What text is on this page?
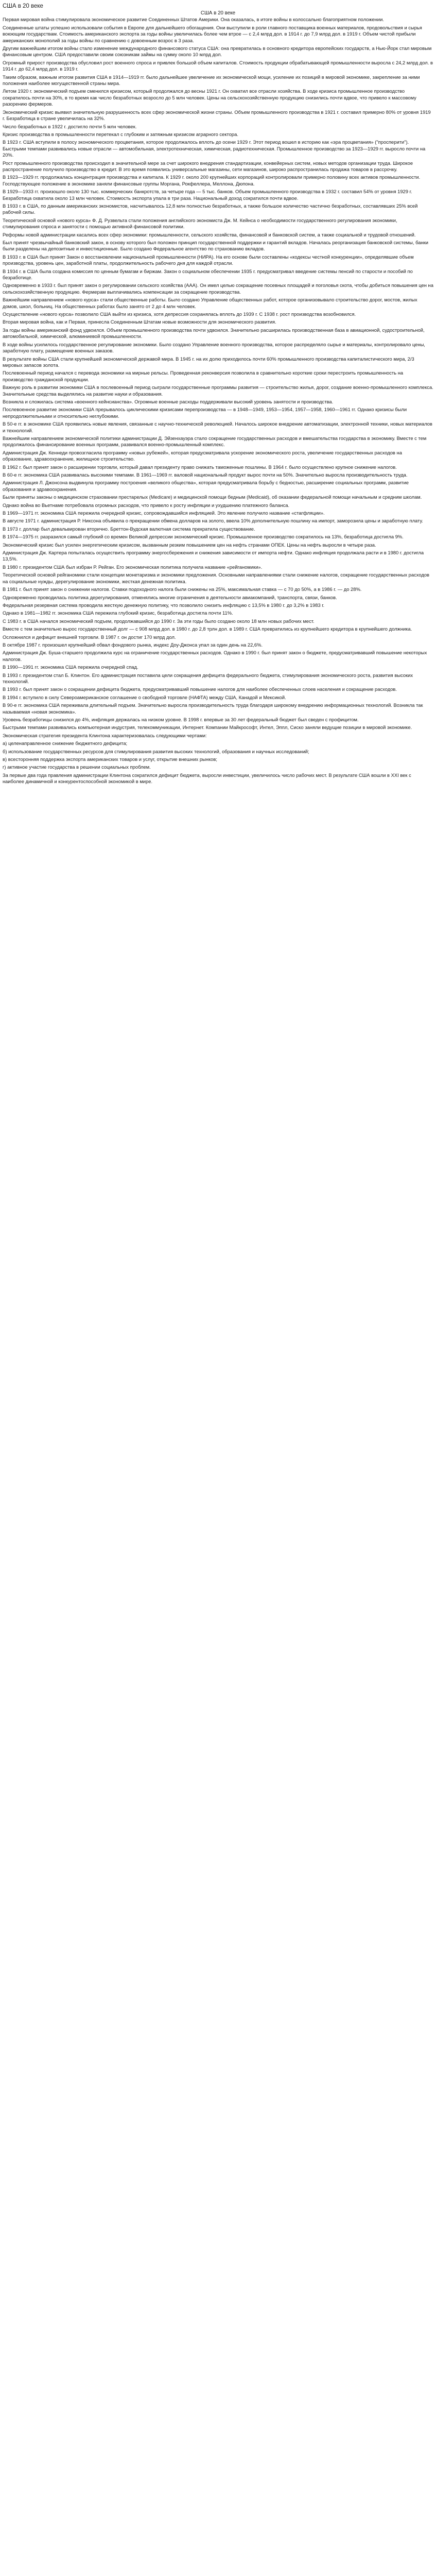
США в 20 веке
США в 20 веке

Первая мировая война стимулировала экономическое развитие Соединенных Штатов Америки. Она оказалась, в итоге войны в колоссально благоприятном положении.

Соединенные штаты успешно использовали события в Европе для дальнейшего обогащения. Они выступили в роли главного поставщика военных материалов, продовольствия и сырья воюющим государствам. Стоимость американского экспорта за годы войны увеличилась более чем втрое — с 2,4 млрд дол. в 1914 г. до 7,9 млрд дол. в 1919 г. Объем чистой прибыли американских монополий за годы войны по сравнению с довоенным возрос в 3 раза.

Другим важнейшим итогом войны стало изменение международного финансового статуса США: она превратилась в основного кредитора европейских государств, а Нью-Йорк стал мировым финансовым центром. США предоставили своим союзникам займы на сумму около 10 млрд дол.

Огромный прирост производства обусловил рост военного спроса и привлек большой объем капиталов. Стоимость продукции обрабатывающей промышленности выросла с 24,2 млрд дол. в 1914 г. до 62,4 млрд дол. в 1919 г.

Таким образом, важным итогом развития США в 1914—1919 гг. было дальнейшее увеличение их экономической мощи, усиление их позиций в мировой экономике, закрепление за ними положения наиболее могущественной страны мира.

Летом 1920 г. экономический подъем сменился кризисом, который продолжался до весны 1921 г. Он охватил все отрасли хозяйства. В ходе кризиса промышленное производство сократилось почти на 30%, в то время как число безработных возросло до 5 млн человек. Цены на сельскохозяйственную продукцию снизились почти вдвое, что привело к массовому разорению фермеров.

Экономический кризис выявил значительную разрушенность всех сфер экономической жизни страны. Объем промышленного производства в 1921 г. составил примерно 80% от уровня 1919 г. Безработица в стране увеличилась на 32%.

Число безработных в 1922 г. достигло почти 5 млн человек.

Кризис производства в промышленности перетекал с глубоким и затяжным кризисом аграрного сектора.

В 1923 г. США вступили в полосу экономического процветания, которое продолжалось вплоть до осени 1929 г. Этот период вошел в историю как «эра процветания» ("просперити"). Быстрыми темпами развивались новые отрасли — автомобильная, электротехническая, химическая, радиотехническая. Промышленное производство за 1923—1929 гг. выросло почти на 20%.

Рост промышленного производства происходил в значительной мере за счет широкого внедрения стандартизации, конвейерных систем, новых методов организации труда. Широкое распространение получило производство в кредит. В это время появились универсальные магазины, сети магазинов, широко распространилась продажа товаров в рассрочку.

В 1923—1929 гг. продолжалась концентрация производства и капитала. К 1929 г. около 200 крупнейших корпораций контролировали примерно половину всех активов промышленности. Господствующее положение в экономике заняли финансовые группы Моргана, Рокфеллера, Меллона, Дюпона.

В 1929—1933 гг. произошло около 130 тыс. коммерческих банкротств, за четыре года — 5 тыс. банков. Объем промышленного производства в 1932 г. составил 54% от уровня 1929 г. Безработица охватила около 13 млн человек. Стоимость экспорта упала в три раза. Национальный доход сократился почти вдвое.

В 1933 г. в США, по данным американских экономистов, насчитывалось 12,8 млн полностью безработных, а также большое количество частично безработных, составлявших 25% всей рабочей силы.

Теоретической основой «нового курса» Ф. Д. Рузвельта стали положения английского экономиста Дж. М. Кейнса о необходимости государственного регулирования экономики, стимулирования спроса и занятости с помощью активной финансовой политики.

Реформы новой администрации касались всех сфер экономики: промышленности, сельского хозяйства, финансовой и банковской систем, а также социальной и трудовой отношений.

Был принят чрезвычайный банковский закон, в основу которого был положен принцип государственной поддержки и гарантий вкладов. Началась реорганизация банковской системы, банки были разделены на депозитные и инвестиционные. Было создано Федеральное агентство по страхованию вкладов.

В 1933 г. в США был принят Закон о восстановлении национальной промышленности (НИРА). На его основе были составлены «кодексы честной конкуренции», определявшие объем производства, уровень цен, заработной платы, продолжительность рабочего дня для каждой отрасли.

В 1934 г. в США была создана комиссия по ценным бумагам и биржам. Закон о социальном обеспечении 1935 г. предусматривал введение системы пенсий по старости и пособий по безработице.

Одновременно в 1933 г. был принят закон о регулировании сельского хозяйства (ААА). Он имел целью сокращение посевных площадей и поголовья скота, чтобы добиться повышения цен на сельскохозяйственную продукцию. Фермерам выплачивались компенсации за сокращение производства.

Важнейшим направлением «нового курса» стали общественные работы. Было создано Управление общественных работ, которое организовывало строительство дорог, мостов, жилых домов, школ, больниц. На общественных работах было занято от 2 до 4 млн человек.

Осуществление «нового курса» позволило США выйти из кризиса, хотя депрессия сохранялась вплоть до 1939 г. С 1938 г. рост производства возобновился.

Вторая мировая война, как и Первая, принесла Соединенным Штатам новые возможности для экономического развития.

За годы войны американский фонд удвоился. Объем промышленного производства почти удвоился. Значительно расширилась производственная база в авиационной, судостроительной, автомобильной, химической, алюминиевой промышленности.

В ходе войны усилилось государственное регулирование экономики. Было создано Управление военного производства, которое распределяло сырье и материалы, контролировало цены, заработную плату, размещение военных заказов.

В результате войны США стали крупнейшей экономической державой мира. В 1945 г. на их долю приходилось почти 60% промышленного производства капиталистического мира, 2/3 мировых запасов золота.

Послевоенный период начался с перевода экономики на мирные рельсы. Проведенная реконверсия позволила в сравнительно короткие сроки перестроить промышленность на производство гражданской продукции.

Важную роль в развитии экономики США в послевоенный период сыграли государственные программы развития — строительство жилья, дорог, создание военно-промышленного комплекса. Значительные средства выделялись на развитие науки и образования.

Возникла и сложилась система «военного кейнсианства». Огромные военные расходы поддерживали высокий уровень занятости и производства.

Послевоенное развитие экономики США прерывалось циклическими кризисами перепроизводства — в 1948—1949, 1953—1954, 1957—1958, 1960—1961 гг. Однако кризисы были непродолжительными и относительно неглубокими.

В 50-е гг. в экономике США проявились новые явления, связанные с научно-технической революцией. Началось широкое внедрение автоматизации, электронной техники, новых материалов и технологий.

Важнейшим направлением экономической политики администрации Д. Эйзенхауэра стало сокращение государственных расходов и вмешательства государства в экономику. Вместе с тем продолжалось финансирование военных программ, развивался военно-промышленный комплекс.

Администрация Дж. Кеннеди провозгласила программу «новых рубежей», которая предусматривала ускорение экономического роста, увеличение государственных расходов на образование, здравоохранение, жилищное строительство.

В 1962 г. был принят закон о расширении торговли, который давал президенту право снижать таможенные пошлины. В 1964 г. было осуществлено крупное снижение налогов.

В 60-е гг. экономика США развивалась высокими темпами. В 1961—1969 гг. валовой национальный продукт вырос почти на 50%. Значительно выросла производительность труда.

Администрация Л. Джонсона выдвинула программу построения «великого общества», которая предусматривала борьбу с бедностью, расширение социальных программ, развитие образования и здравоохранения.

Были приняты законы о медицинском страховании престарелых (Medicare) и медицинской помощи бедным (Medicaid), об оказании федеральной помощи начальным и средним школам.

Однако война во Вьетнаме потребовала огромных расходов, что привело к росту инфляции и ухудшению платежного баланса.

В 1969—1971 гг. экономика США пережила очередной кризис, сопровождавшийся инфляцией. Это явление получило название «стагфляции».

В августе 1971 г. администрация Р. Никсона объявила о прекращении обмена долларов на золото, ввела 10% дополнительную пошлину на импорт, заморозила цены и заработную плату.

В 1973 г. доллар был девальвирован вторично. Бреттон-Вудская валютная система прекратила существование.

В 1974—1975 гг. разразился самый глубокий со времен Великой депрессии экономический кризис. Промышленное производство сократилось на 13%, безработица достигла 9%.

Экономический кризис был усилен энергетическим кризисом, вызванным резким повышением цен на нефть странами ОПЕК. Цены на нефть выросли в четыре раза.

Администрация Дж. Картера попыталась осуществить программу энергосбережения и снижения зависимости от импорта нефти. Однако инфляция продолжала расти и в 1980 г. достигла 13,5%.

В 1980 г. президентом США был избран Р. Рейган. Его экономическая политика получила название «рейганомики».

Теоретической основой рейганомики стали концепции монетаризма и экономики предложения. Основными направлениями стали снижение налогов, сокращение государственных расходов на социальные нужды, дерегулирование экономики, жесткая денежная политика.

В 1981 г. был принят закон о снижении налогов. Ставки подоходного налога были снижены на 25%, максимальная ставка — с 70 до 50%, а в 1986 г. — до 28%.

Одновременно проводилась политика дерегулирования, отменялись многие ограничения в деятельности авиакомпаний, транспорта, связи, банков.

Федеральная резервная система проводила жесткую денежную политику, что позволило снизить инфляцию с 13,5% в 1980 г. до 3,2% в 1983 г.

Однако в 1981—1982 гг. экономика США пережила глубокий кризис, безработица достигла почти 11%.

С 1983 г. в США начался экономический подъем, продолжавшийся до 1990 г. За эти годы было создано около 18 млн новых рабочих мест.

Вместе с тем значительно вырос государственный долг — с 908 млрд дол. в 1980 г. до 2,8 трлн дол. в 1989 г. США превратились из крупнейшего кредитора в крупнейшего должника.

Осложнился и дефицит внешней торговли. В 1987 г. он достиг 170 млрд дол.

В октябре 1987 г. произошел крупнейший обвал фондового рынка, индекс Доу-Джонса упал за один день на 22,6%.

Администрация Дж. Буша-старшего продолжила курс на ограничение государственных расходов. Однако в 1990 г. был принят закон о бюджете, предусматривавший повышение некоторых налогов.

В 1990—1991 гг. экономика США пережила очередной спад.

В 1993 г. президентом стал Б. Клинтон. Его администрация поставила цели сокращения дефицита федерального бюджета, стимулирования экономического роста, развития высоких технологий.

В 1993 г. был принят закон о сокращении дефицита бюджета, предусматривавший повышение налогов для наиболее обеспеченных слоев населения и сокращение расходов.

В 1994 г. вступило в силу Североамериканское соглашение о свободной торговле (НАФТА) между США, Канадой и Мексикой.

В 90-е гг. экономика США переживала длительный подъем. Значительно выросла производительность труда благодаря широкому внедрению информационных технологий. Возникла так называемая «новая экономика».

Уровень безработицы снизился до 4%, инфляция держалась на низком уровне. В 1998 г. впервые за 30 лет федеральный бюджет был сведен с профицитом.

Быстрыми темпами развивались компьютерная индустрия, телекоммуникации, Интернет. Компании Майкрософт, Интел, Эппл, Сиско заняли ведущие позиции в мировой экономике.

Экономическая стратегия президента Клинтона характеризовалась следующими чертами:

а) целенаправленное снижение бюджетного дефицита;

б) использование государственных ресурсов для стимулирования развития высоких технологий, образования и научных исследований;

в) всесторонняя поддержка экспорта американских товаров и услуг, открытие внешних рынков;

г) активное участие государства в решении социальных проблем.

За первые два года правления администрации Клинтона сократился дефицит бюджета, выросли инвестиции, увеличилось число рабочих мест. В результате США вошли в XXI век с наиболее динамичной и конкурентоспособной экономикой в мире.
